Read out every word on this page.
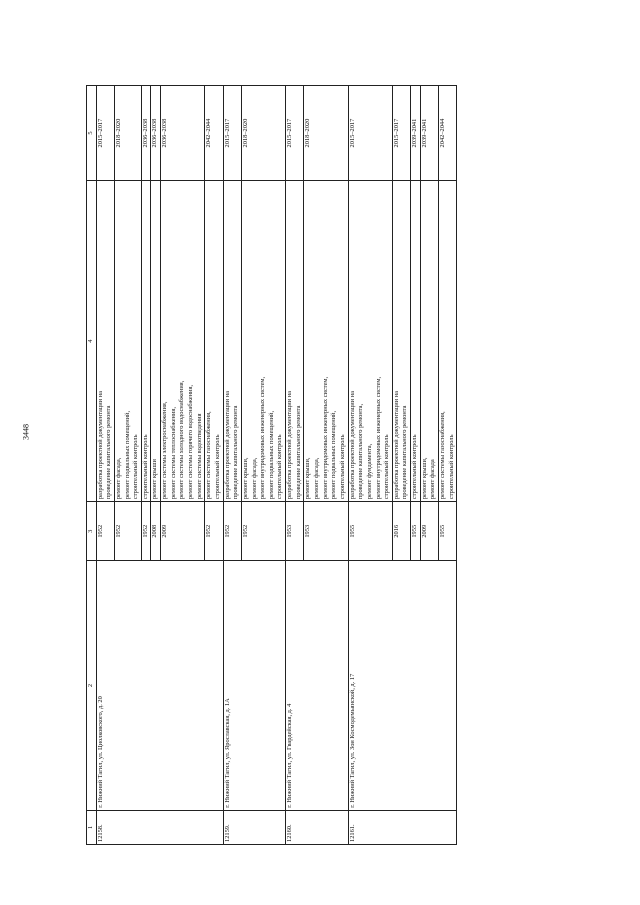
3448
1	2	3	4	5
12158.	г. Нижний Тагил, ул. Циолковского, д. 20	1952	разработка проектной документации на проведение капитального ремонта	2015–2017
		1952	ремонт фасада, ремонт подвальных помещений, строительный контроль	2018–2020
		1952	строительный контроль	2036–2038
		2008	ремонт крыши	2036–2038
		2009	ремонт системы электроснабжения, ремонт системы теплоснабжения, ремонт системы холодного водоснабжения, ремонт системы горячего водоснабжения, ремонт системы водоотведения	2036–2038
		1952	ремонт системы газоснабжения, строительный контроль	2042–2044
12159.	г. Нижний Тагил, ул. Ярославская, д. 1А	1952	разработка проектной документации на проведение капитального ремонта	2015–2017
		1952	ремонт крыши, ремонт фасада, ремонт внутридомовых инженерных систем, ремонт подвальных помещений, строительный контроль	2018–2020
12160.	г. Нижний Тагил, ул. Гвардейская, д. 4	1953	разработка проектной документации на проведение капитального ремонта	2015–2017
		1953	ремонт крыши, ремонт фасада, ремонт внутридомовых инженерных систем, ремонт подвальных помещений, строительный контроль	2018–2020
12161.	г. Нижний Тагил, ул. Зои Космодемьянской, д. 17	1955	разработка проектной документации на проведение капитального ремонта, ремонт фундамента, ремонт внутридомовых инженерных систем, строительный контроль	2015–2017
		2016	разработка проектной документации на проведение капитального ремонта	2015–2017
		1955	строительный контроль	2039–2041
		2009	ремонт крыши, ремонт фасада	2039–2041
		1955	ремонт системы газоснабжения, строительный контроль	2042–2044
